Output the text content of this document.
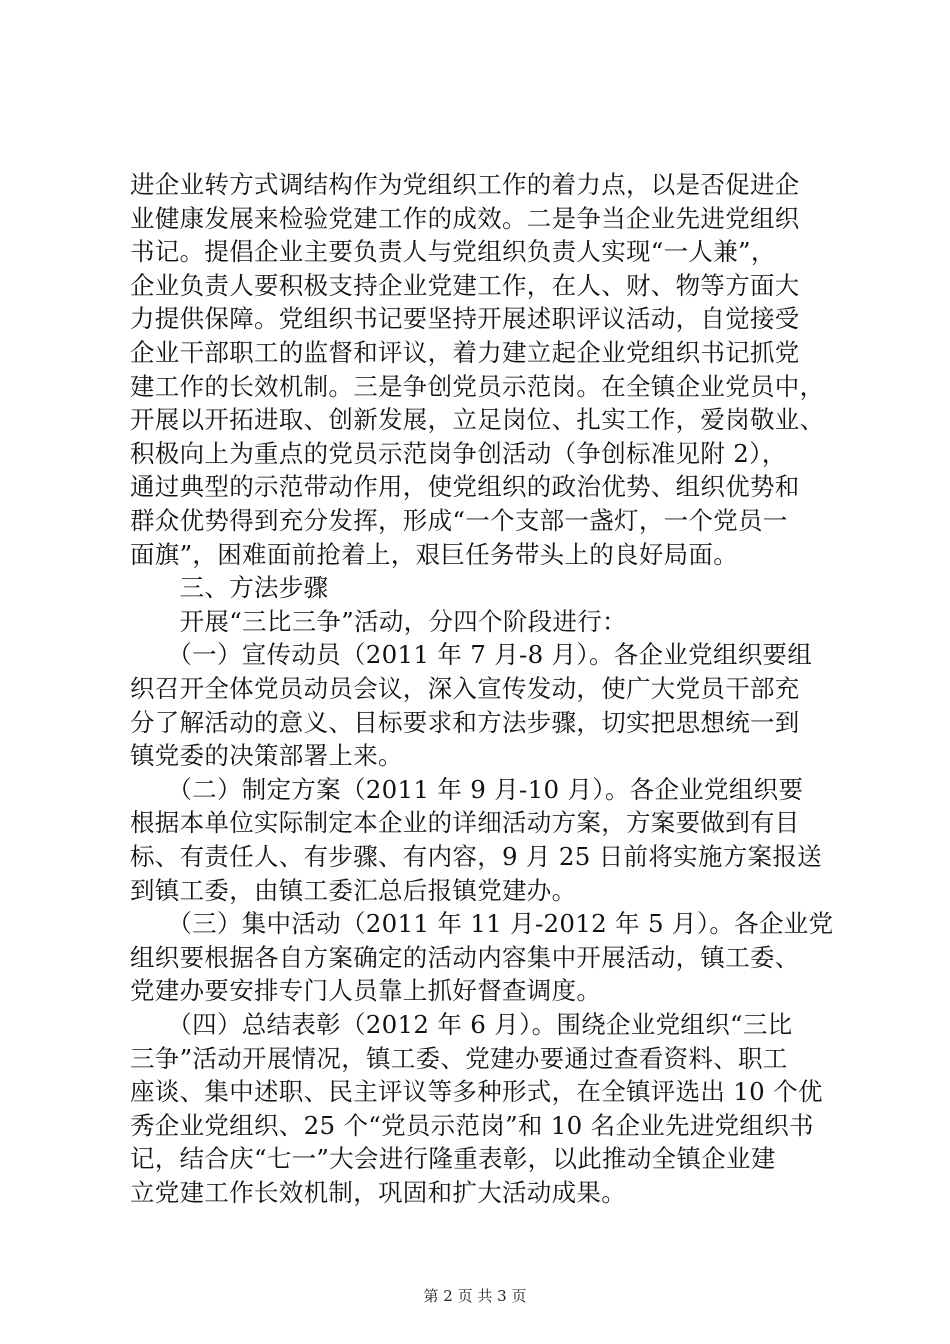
进企业转方式调结构作为党组织工作的着力点，以是否促进企
业健康发展来检验党建工作的成效。二是争当企业先进党组织
书记。提倡企业主要负责人与党组织负责人实现“一人兼”，
企业负责人要积极支持企业党建工作，在人、财、物等方面大
力提供保障。党组织书记要坚持开展述职评议活动，自觉接受
企业干部职工的监督和评议，着力建立起企业党组织书记抓党
建工作的长效机制。三是争创党员示范岗。在全镇企业党员中，
开展以开拓进取、创新发展，立足岗位、扎实工作，爱岗敬业、
积极向上为重点的党员示范岗争创活动（争创标准见附 2），
通过典型的示范带动作用，使党组织的政治优势、组织优势和
群众优势得到充分发挥，形成“一个支部一盏灯，一个党员一
面旗”，困难面前抢着上，艰巨任务带头上的良好局面。
　　三、方法步骤
　　开展“三比三争”活动，分四个阶段进行：
　　（一）宣传动员（2011 年 7 月-8 月）。各企业党组织要组
织召开全体党员动员会议，深入宣传发动，使广大党员干部充
分了解活动的意义、目标要求和方法步骤，切实把思想统一到
镇党委的决策部署上来。
　　（二）制定方案（2011 年 9 月-10 月）。各企业党组织要
根据本单位实际制定本企业的详细活动方案，方案要做到有目
标、有责任人、有步骤、有内容，9 月 25 日前将实施方案报送
到镇工委，由镇工委汇总后报镇党建办。
　　（三）集中活动（2011 年 11 月-2012 年 5 月）。各企业党
组织要根据各自方案确定的活动内容集中开展活动，镇工委、
党建办要安排专门人员靠上抓好督查调度。
　　（四）总结表彰（2012 年 6 月）。围绕企业党组织“三比
三争”活动开展情况，镇工委、党建办要通过查看资料、职工
座谈、集中述职、民主评议等多种形式，在全镇评选出 10 个优
秀企业党组织、25 个“党员示范岗”和 10 名企业先进党组织书
记，结合庆“七一”大会进行隆重表彰，以此推动全镇企业建
立党建工作长效机制，巩固和扩大活动成果。
第 2 页 共 3 页
